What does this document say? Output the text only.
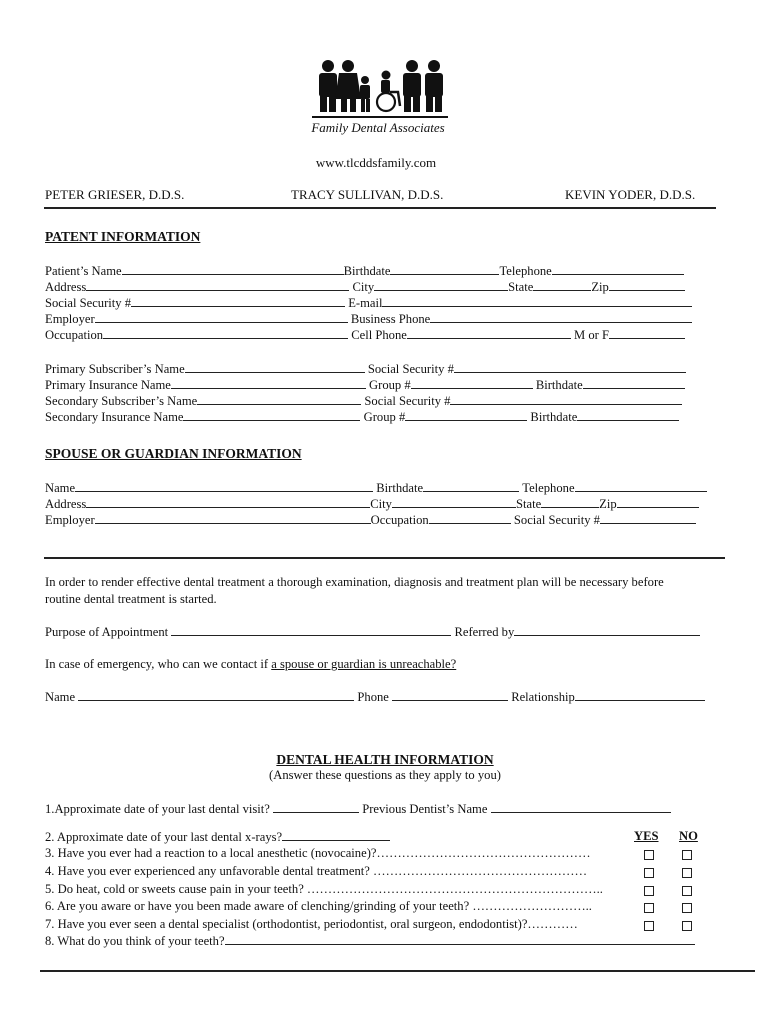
Family Dental Associates
www.tlcddsfamily.com
PETER GRIESER, D.D.S.	TRACY SULLIVAN, D.D.S.	KEVIN YODER, D.D.S.
PATENT INFORMATION
Patient’s Name	Birthdate	Telephone
Address	City	State	Zip
Social Security #	E-mail
Employer	Business Phone
Occupation	Cell Phone	M or F
Primary Subscriber’s Name	Social Security #
Primary Insurance Name	Group #	Birthdate
Secondary Subscriber’s Name	Social Security #
Secondary Insurance Name	Group #	Birthdate
SPOUSE OR GUARDIAN INFORMATION
Name	Birthdate	Telephone
Address	City	State	Zip
Employer	Occupation	Social Security #
In order to render effective dental treatment a thorough examination, diagnosis and treatment plan will be necessary before
routine dental treatment is started.
Purpose of Appointment	Referred by
In case of emergency, who can we contact if a spouse or guardian is unreachable?
Name	Phone	Relationship
DENTAL HEALTH INFORMATION
(Answer these questions as they apply to you)
1.Approximate date of your last dental visit?	Previous Dentist’s Name
2. Approximate date of your last dental x-rays?	YES NO
3. Have you ever had a reaction to a local anesthetic (novocaine)?……………………………………………
4. Have you ever experienced any unfavorable dental treatment? ……………………………………………
5. Do heat, cold or sweets cause pain in your teeth? ……………………………………………………………..
6. Are you aware or have you been made aware of clenching/grinding of your teeth? ………………………..
7. Have you ever seen a dental specialist (orthodontist, periodontist, oral surgeon, endodontist)?…………
8. What do you think of your teeth?
